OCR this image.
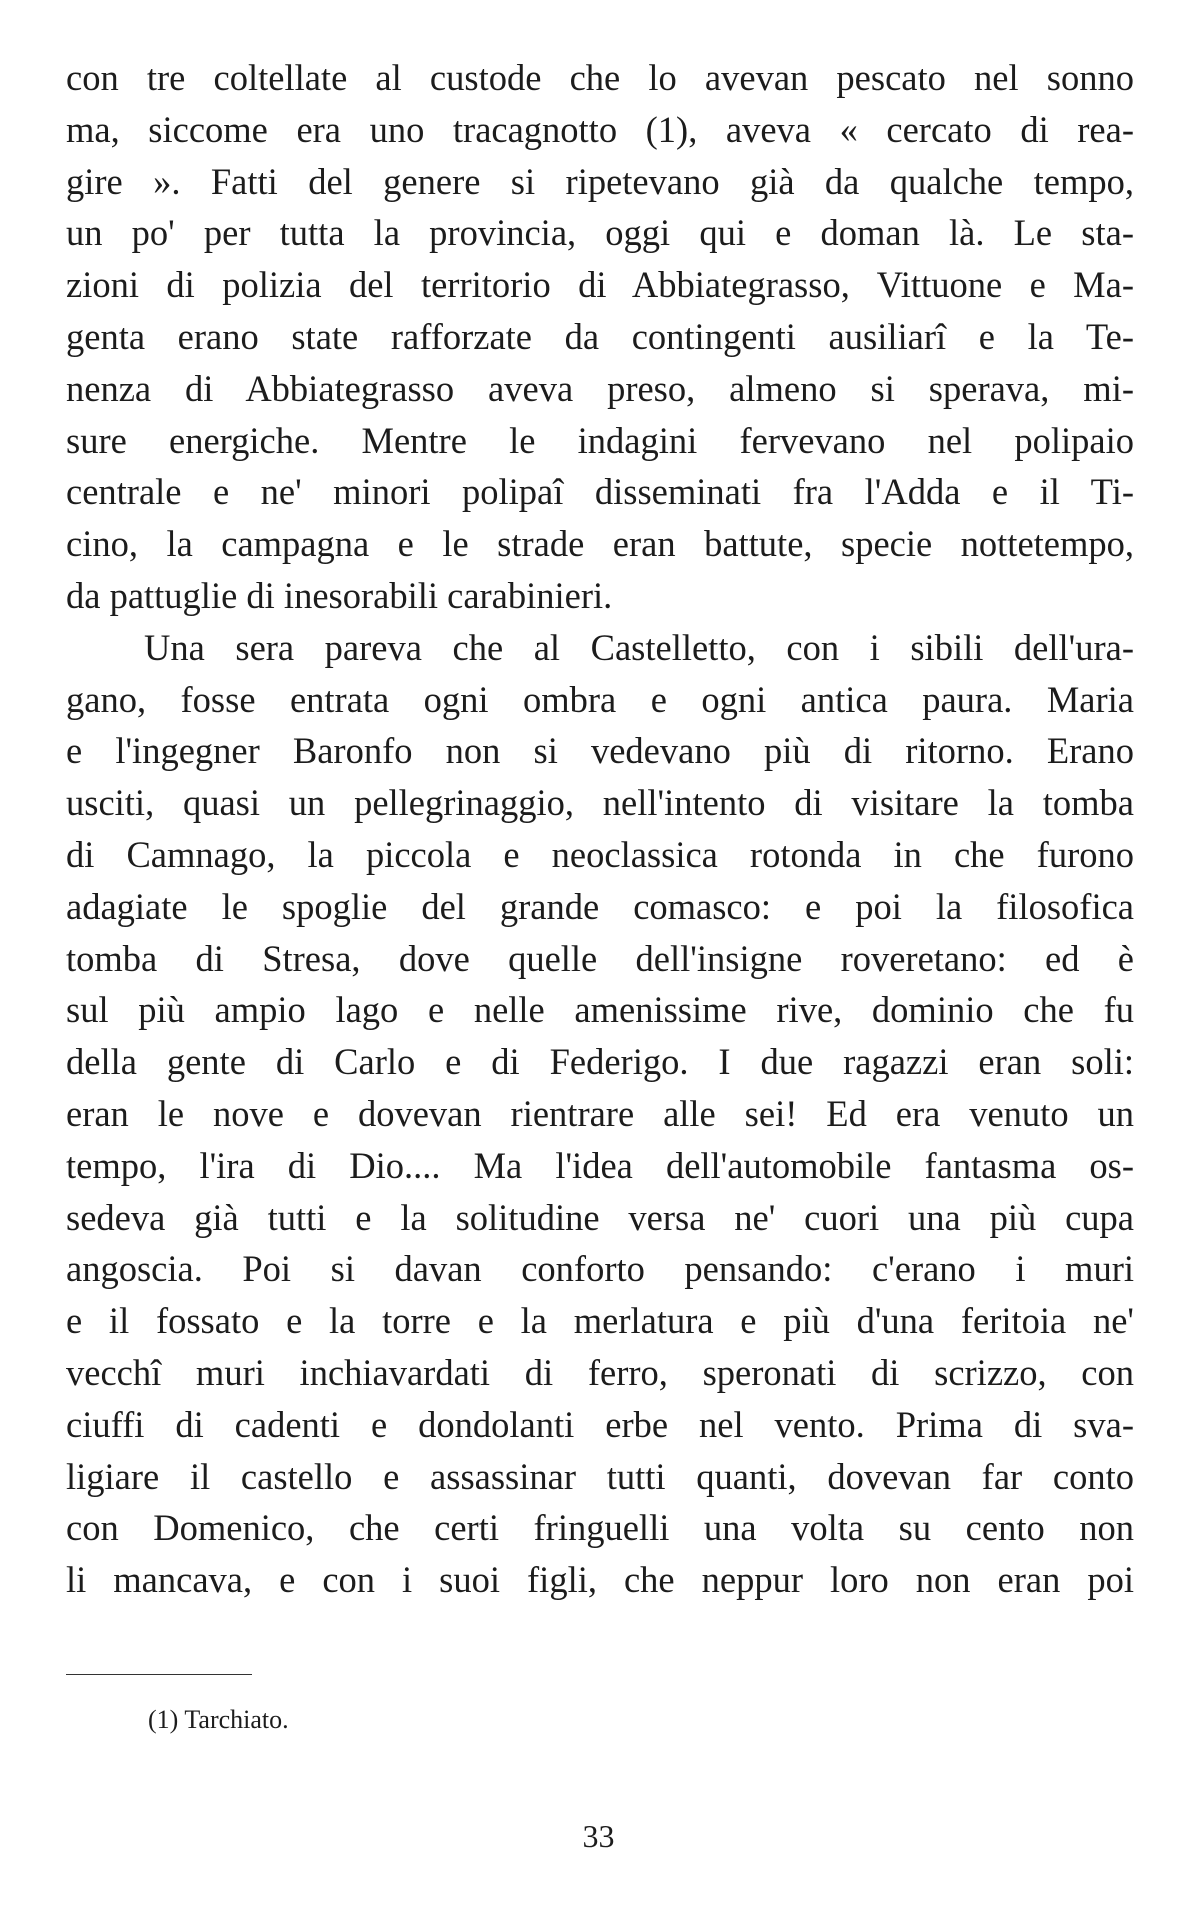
con tre coltellate al custode che lo avevan pescato nel sonno
ma, siccome era uno tracagnotto (1), aveva « cercato di rea-
gire ». Fatti del genere si ripetevano già da qualche tempo,
un po' per tutta la provincia, oggi qui e doman là. Le sta-
zioni di polizia del territorio di Abbiategrasso, Vittuone e Ma-
genta erano state rafforzate da contingenti ausiliarî e la Te-
nenza di Abbiategrasso aveva preso, almeno si sperava, mi-
sure energiche. Mentre le indagini fervevano nel polipaio
centrale e ne' minori polipaî disseminati fra l'Adda e il Ti-
cino, la campagna e le strade eran battute, specie nottetempo,
da pattuglie di inesorabili carabinieri.
Una sera pareva che al Castelletto, con i sibili dell'ura-
gano, fosse entrata ogni ombra e ogni antica paura. Maria
e l'ingegner Baronfo non si vedevano più di ritorno. Erano
usciti, quasi un pellegrinaggio, nell'intento di visitare la tomba
di Camnago, la piccola e neoclassica rotonda in che furono
adagiate le spoglie del grande comasco: e poi la filosofica
tomba di Stresa, dove quelle dell'insigne roveretano: ed è
sul più ampio lago e nelle amenissime rive, dominio che fu
della gente di Carlo e di Federigo. I due ragazzi eran soli:
eran le nove e dovevan rientrare alle sei! Ed era venuto un
tempo, l'ira di Dio.... Ma l'idea dell'automobile fantasma os-
sedeva già tutti e la solitudine versa ne' cuori una più cupa
angoscia. Poi si davan conforto pensando: c'erano i muri
e il fossato e la torre e la merlatura e più d'una feritoia ne'
vecchî muri inchiavardati di ferro, speronati di scrizzo, con
ciuffi di cadenti e dondolanti erbe nel vento. Prima di sva-
ligiare il castello e assassinar tutti quanti, dovevan far conto
con Domenico, che certi fringuelli una volta su cento non
li mancava, e con i suoi figli, che neppur loro non eran poi
(1) Tarchiato.
33
